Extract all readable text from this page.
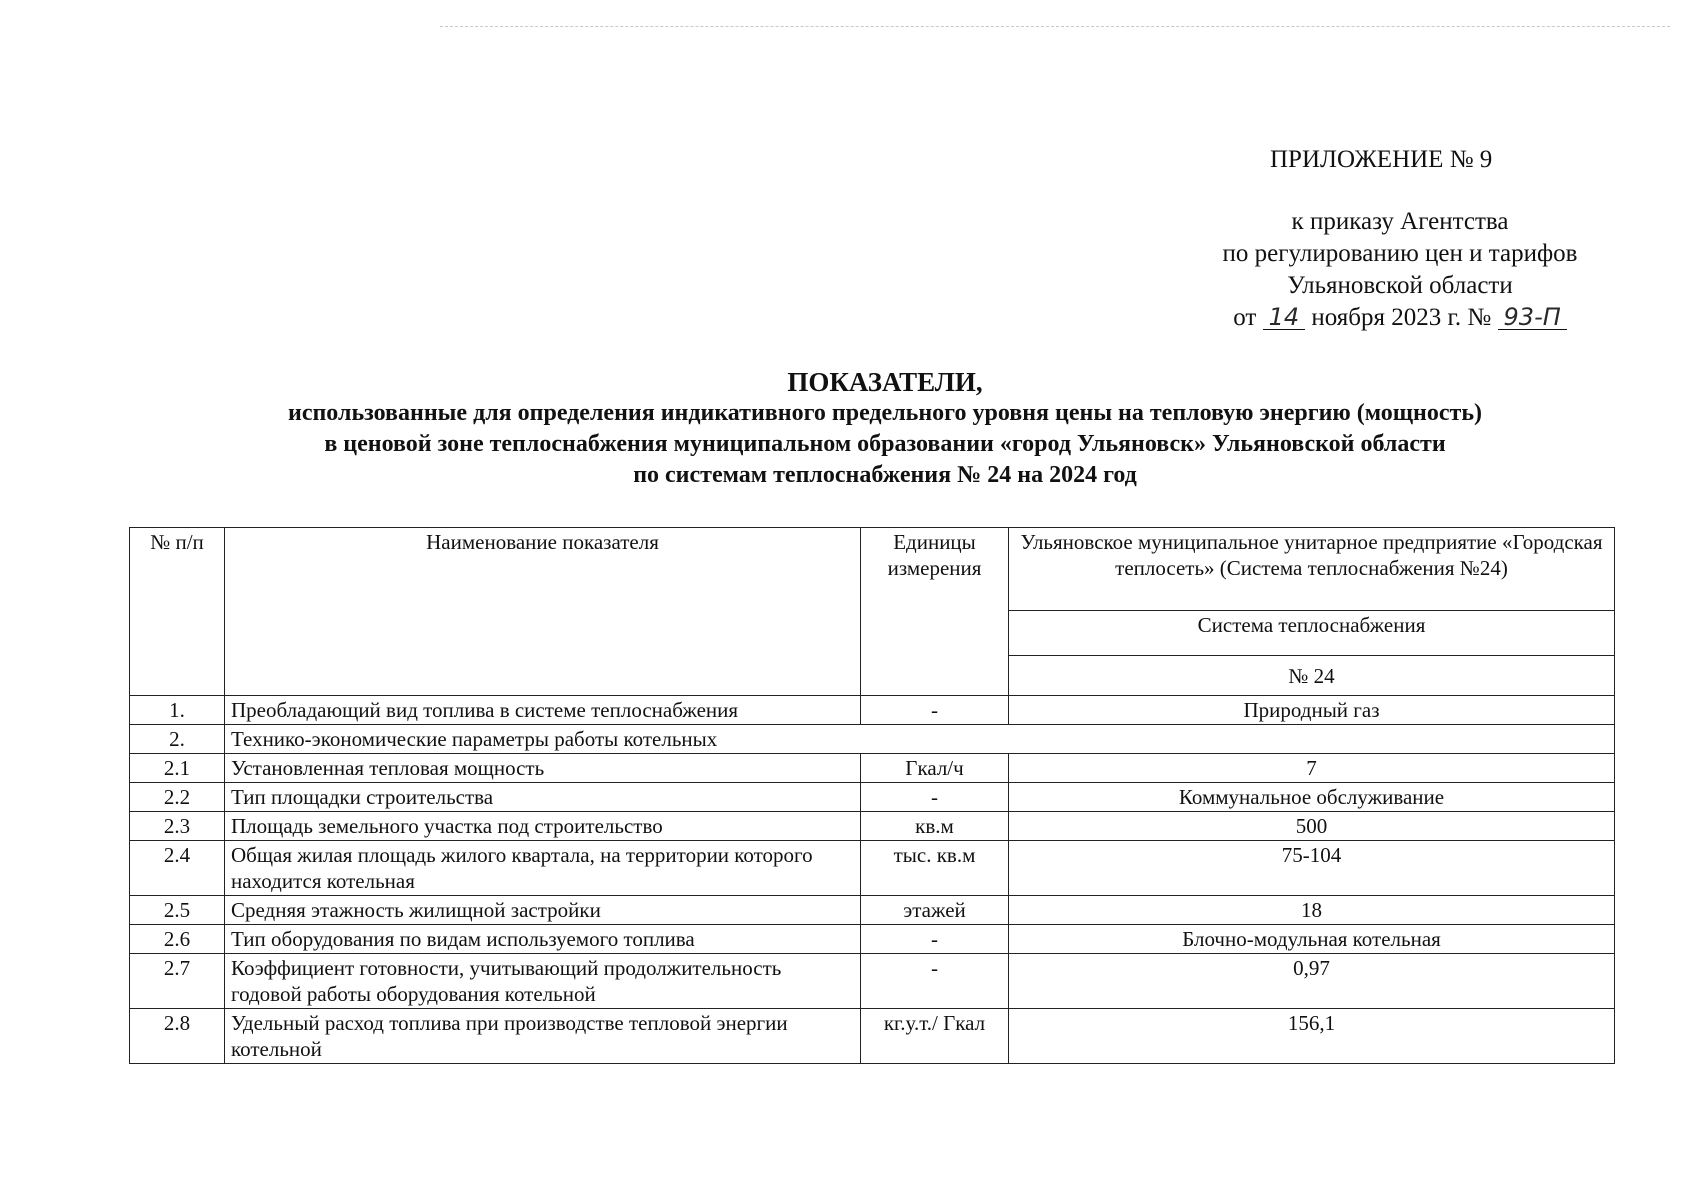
ПРИЛОЖЕНИЕ № 9
к приказу Агентства
по регулированию цен и тарифов
Ульяновской области
от 14 ноября 2023 г. № 93-П
ПОКАЗАТЕЛИ,
использованные для определения индикативного предельного уровня цены на тепловую энергию (мощность)
в ценовой зоне теплоснабжения муниципальном образовании «город Ульяновск» Ульяновской области
по системам теплоснабжения № 24 на 2024 год
№ п/п	Наименование показателя	Единицы измерения	Ульяновское муниципальное унитарное предприятие «Городская теплосеть» (Система теплоснабжения №24)
			Система теплоснабжения
			№ 24
1.	Преобладающий вид топлива в системе теплоснабжения	-	Природный газ
2.	Технико-экономические параметры работы котельных		
2.1	Установленная тепловая мощность	Гкал/ч	7
2.2	Тип площадки строительства	-	Коммунальное обслуживание
2.3	Площадь земельного участка под строительство	кв.м	500
2.4	Общая жилая площадь жилого квартала, на территории которого находится котельная	тыс. кв.м	75-104
2.5	Средняя этажность жилищной застройки	этажей	18
2.6	Тип оборудования по видам используемого топлива	-	Блочно-модульная котельная
2.7	Коэффициент готовности, учитывающий продолжительность годовой работы оборудования котельной	-	0,97
2.8	Удельный расход топлива при производстве тепловой энергии котельной	кг.у.т./ Гкал	156,1
